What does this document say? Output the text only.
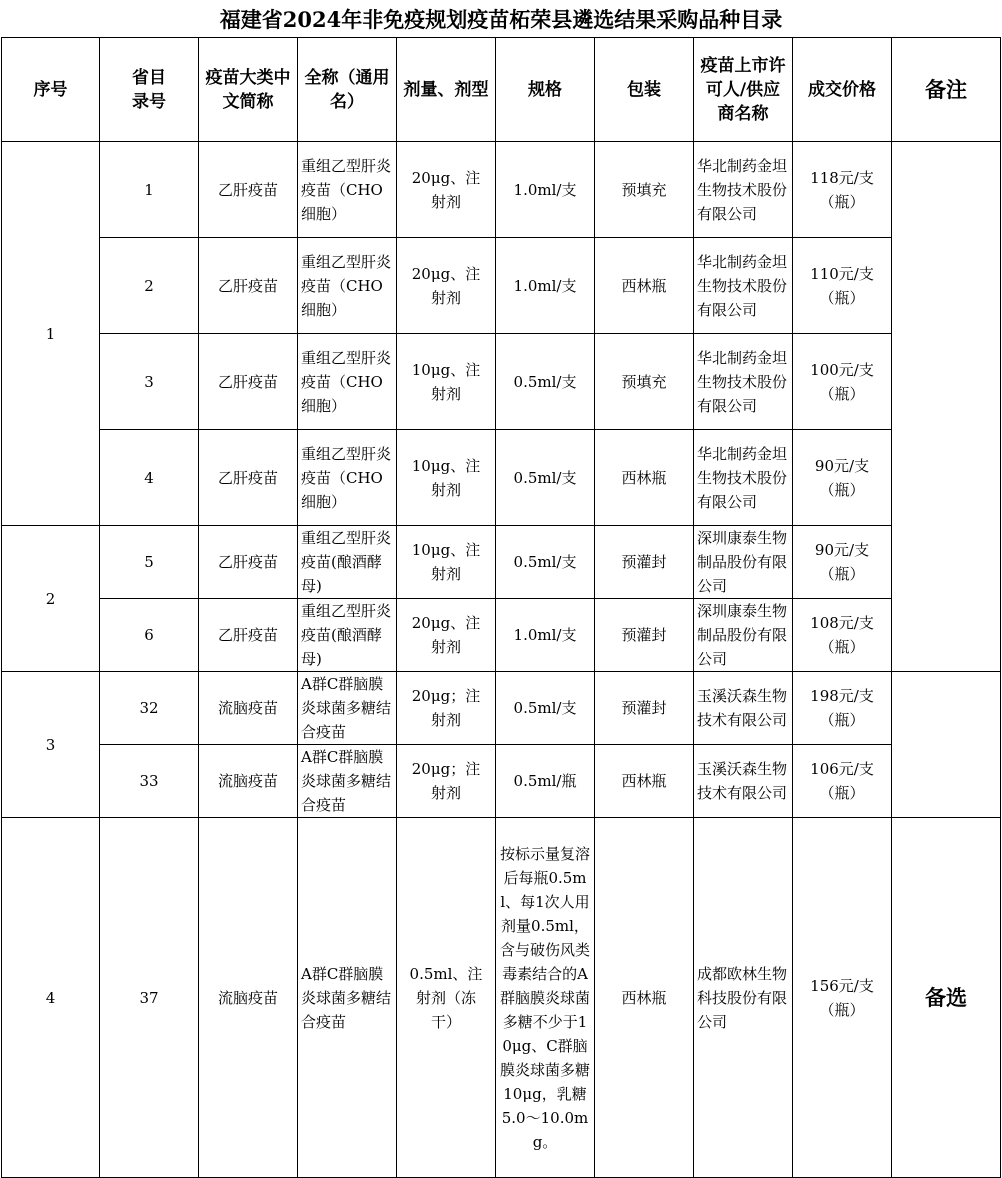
福建省2024年非免疫规划疫苗柘荣县遴选结果采购品种目录
序号	省目录号	疫苗大类中文简称	全称（通用名）	剂量、剂型	规格	包装	疫苗上市许可人/供应商名称	成交价格	备注
1	1	乙肝疫苗	重组乙型肝炎疫苗（CHO细胞）	20μg、注射剂	1.0ml/支	预填充	华北制药金坦生物技术股份有限公司	118元/支（瓶）	

	2	乙肝疫苗	重组乙型肝炎疫苗（CHO细胞）	20μg、注射剂	1.0ml/支	西林瓶	华北制药金坦生物技术股份有限公司	110元/支（瓶）	

	3	乙肝疫苗	重组乙型肝炎疫苗（CHO细胞）	10μg、注射剂	0.5ml/支	预填充	华北制药金坦生物技术股份有限公司	100元/支（瓶）	

	4	乙肝疫苗	重组乙型肝炎疫苗（CHO细胞）	10μg、注射剂	0.5ml/支	西林瓶	华北制药金坦生物技术股份有限公司	90元/支（瓶）	

2	5	乙肝疫苗	重组乙型肝炎疫苗(酿酒酵母)	10μg、注射剂	0.5ml/支	预灌封	深圳康泰生物制品股份有限公司	90元/支（瓶）	

	6	乙肝疫苗	重组乙型肝炎疫苗(酿酒酵母)	20μg、注射剂	1.0ml/支	预灌封	深圳康泰生物制品股份有限公司	108元/支（瓶）	

3	32	流脑疫苗	A群C群脑膜炎球菌多糖结合疫苗	20μg；注射剂	0.5ml/支	预灌封	玉溪沃森生物技术有限公司	198元/支（瓶）	

	33	流脑疫苗	A群C群脑膜炎球菌多糖结合疫苗	20μg；注射剂	0.5ml/瓶	西林瓶	玉溪沃森生物技术有限公司	106元/支（瓶）	

4	37	流脑疫苗	A群C群脑膜炎球菌多糖结合疫苗	0.5ml、注射剂（冻干）	按标示量复溶后每瓶0.5ml、每1次人用剂量0.5ml，含与破伤风类毒素结合的A群脑膜炎球菌多糖不少于10μg、C群脑膜炎球菌多糖10μg，乳糖 5.0～10.0mg。	西林瓶	成都欧林生物科技股份有限公司	156元/支（瓶）	备选
